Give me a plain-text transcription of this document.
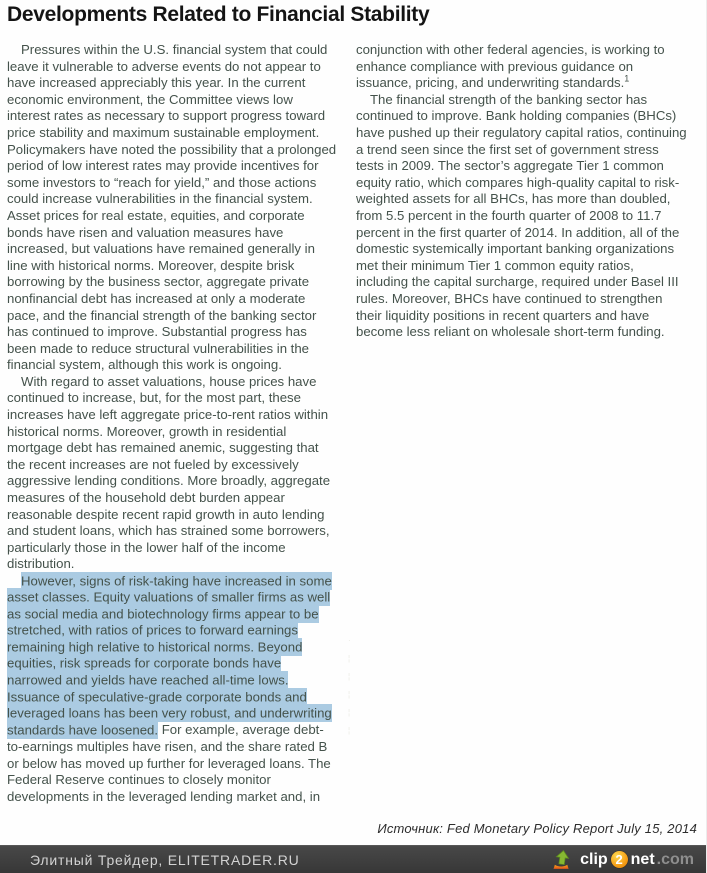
Developments Related to Financial Stability

Pressures within the U.S. financial system that could leave it vulnerable to adverse events do not appear to have increased appreciably this year. In the current economic environment, the Committee views low interest rates as necessary to support progress toward price stability and maximum sustainable employment. Policymakers have noted the possibility that a prolonged period of low interest rates may provide incentives for some investors to “reach for yield,” and those actions could increase vulnerabilities in the financial system. Asset prices for real estate, equities, and corporate bonds have risen and valuation measures have increased, but valuations have remained generally in line with historical norms. Moreover, despite brisk borrowing by the business sector, aggregate private nonfinancial debt has increased at only a moderate pace, and the financial strength of the banking sector has continued to improve. Substantial progress has been made to reduce structural vulnerabilities in the financial system, although this work is ongoing.

With regard to asset valuations, house prices have continued to increase, but, for the most part, these increases have left aggregate price-to-rent ratios within historical norms. Moreover, growth in residential mortgage debt has remained anemic, suggesting that the recent increases are not fueled by excessively aggressive lending conditions. More broadly, aggregate measures of the household debt burden appear reasonable despite recent rapid growth in auto lending and student loans, which has strained some borrowers, particularly those in the lower half of the income distribution.

However, signs of risk-taking have increased in some asset classes. Equity valuations of smaller firms as well as social media and biotechnology firms appear to be stretched, with ratios of prices to forward earnings remaining high relative to historical norms. Beyond equities, risk spreads for corporate bonds have narrowed and yields have reached all-time lows. Issuance of speculative-grade corporate bonds and leveraged loans has been very robust, and underwriting standards have loosened. For example, average debt-to-earnings multiples have risen, and the share rated B or below has moved up further for leveraged loans. The Federal Reserve continues to closely monitor developments in the leveraged lending market and, in

conjunction with other federal agencies, is working to enhance compliance with previous guidance on issuance, pricing, and underwriting standards.$^1$

The financial strength of the banking sector has continued to improve. Bank holding companies (BHCs) have pushed up their regulatory capital ratios, continuing a trend seen since the first set of government stress tests in 2009. The sector’s aggregate Tier 1 common equity ratio, which compares high-quality capital to risk-weighted assets for all BHCs, has more than doubled, from 5.5 percent in the fourth quarter of 2008 to 11.7 percent in the first quarter of 2014. In addition, all of the domestic systemically important banking organizations met their minimum Tier 1 common equity ratios, including the capital surcharge, required under Basel III rules. Moreover, BHCs have continued to strengthen their liquidity positions in recent quarters and have become less reliant on wholesale short-term funding.

·
¦
¦
¦
¦
¦
Источник: Fed Monetary Policy Report July 15, 2014
Элитный Трейдер, ELITETRADER.RU	clip 2 net .com
